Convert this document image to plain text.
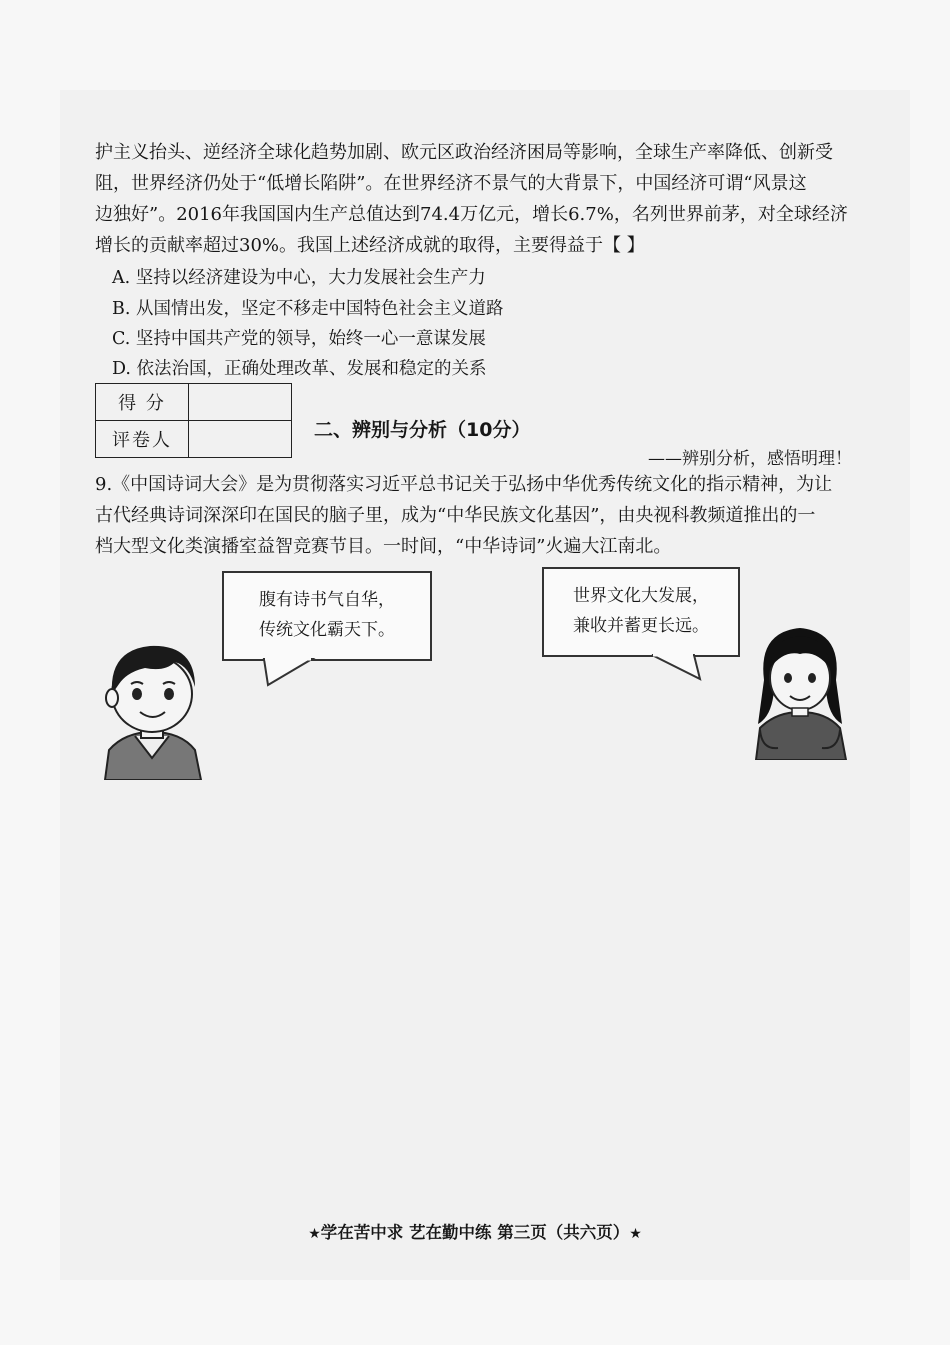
护主义抬头、逆经济全球化趋势加剧、欧元区政治经济困局等影响，全球生产率降低、创新受
阻，世界经济仍处于“低增长陷阱”。在世界经济不景气的大背景下，中国经济可谓“风景这
边独好”。2016年我国国内生产总值达到74.4万亿元，增长6.7%，名列世界前茅，对全球经济
增长的贡献率超过30%。我国上述经济成就的取得，主要得益于【 】
A. 坚持以经济建设为中心，大力发展社会生产力
B. 从国情出发，坚定不移走中国特色社会主义道路
C. 坚持中国共产党的领导，始终一心一意谋发展
D. 依法治国，正确处理改革、发展和稳定的关系
得 分	
评卷人		二、辨别与分析（10分）
——辨别分析，感悟明理！
9.《中国诗词大会》是为贯彻落实习近平总书记关于弘扬中华优秀传统文化的指示精神，为让
古代经典诗词深深印在国民的脑子里，成为“中华民族文化基因”，由央视科教频道推出的一
档大型文化类演播室益智竞赛节目。一时间，“中华诗词”火遍大江南北。
腹有诗书气自华，
传统文化霸天下。
世界文化大发展，
兼收并蓄更长远。
★学在苦中求 艺在勤中练 第三页（共六页）★
